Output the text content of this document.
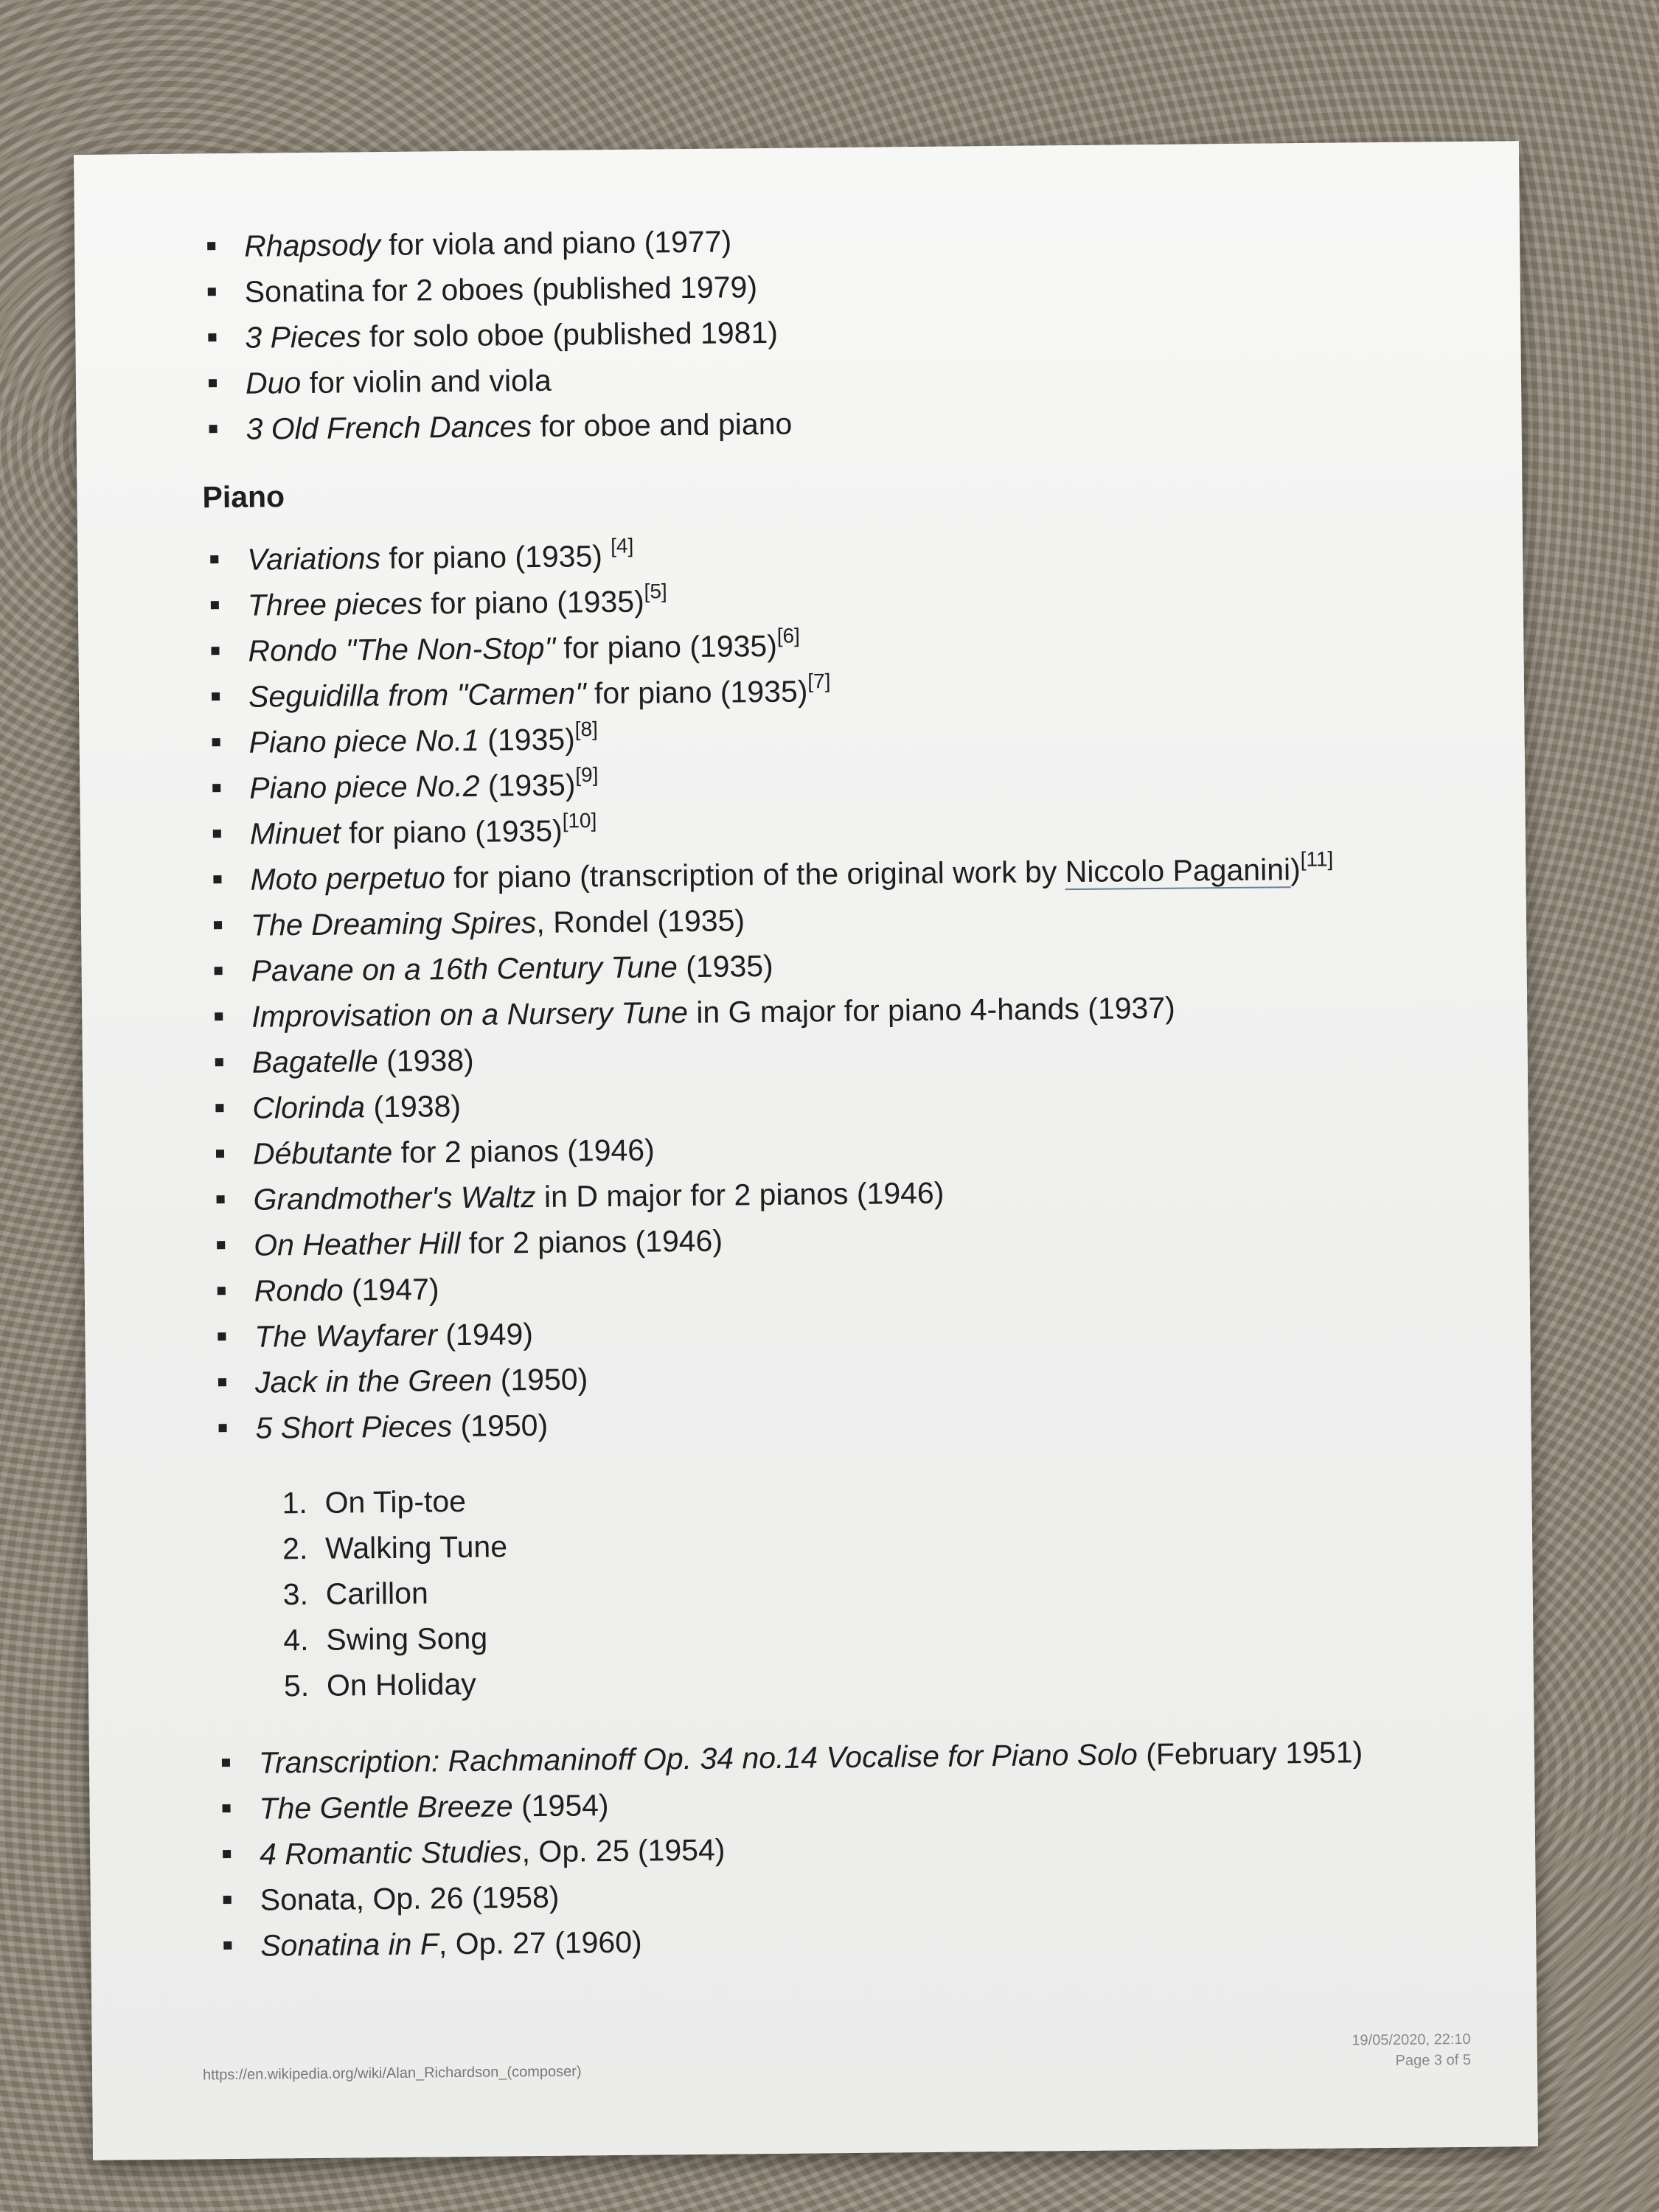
Rhapsody for viola and piano (1977)
Sonatina for 2 oboes (published 1979)
3 Pieces for solo oboe (published 1981)
Duo for violin and viola
3 Old French Dances for oboe and piano
Piano
Variations for piano (1935) [4]
Three pieces for piano (1935)[5]
Rondo "The Non-Stop" for piano (1935)[6]
Seguidilla from "Carmen" for piano (1935)[7]
Piano piece No.1 (1935)[8]
Piano piece No.2 (1935)[9]
Minuet for piano (1935)[10]
Moto perpetuo for piano (transcription of the original work by Niccolo Paganini)[11]
The Dreaming Spires, Rondel (1935)
Pavane on a 16th Century Tune (1935)
Improvisation on a Nursery Tune in G major for piano 4-hands (1937)
Bagatelle (1938)
Clorinda (1938)
Débutante for 2 pianos (1946)
Grandmother's Waltz in D major for 2 pianos (1946)
On Heather Hill for 2 pianos (1946)
Rondo (1947)
The Wayfarer (1949)
Jack in the Green (1950)
5 Short Pieces (1950)
1. On Tip-toe
2. Walking Tune
3. Carillon
4. Swing Song
5. On Holiday
Transcription: Rachmaninoff Op. 34 no.14 Vocalise for Piano Solo (February 1951)
The Gentle Breeze (1954)
4 Romantic Studies, Op. 25 (1954)
Sonata, Op. 26 (1958)
Sonatina in F, Op. 27 (1960)
https://en.wikipedia.org/wiki/Alan_Richardson_(composer)
19/05/2020, 22:10
Page 3 of 5
